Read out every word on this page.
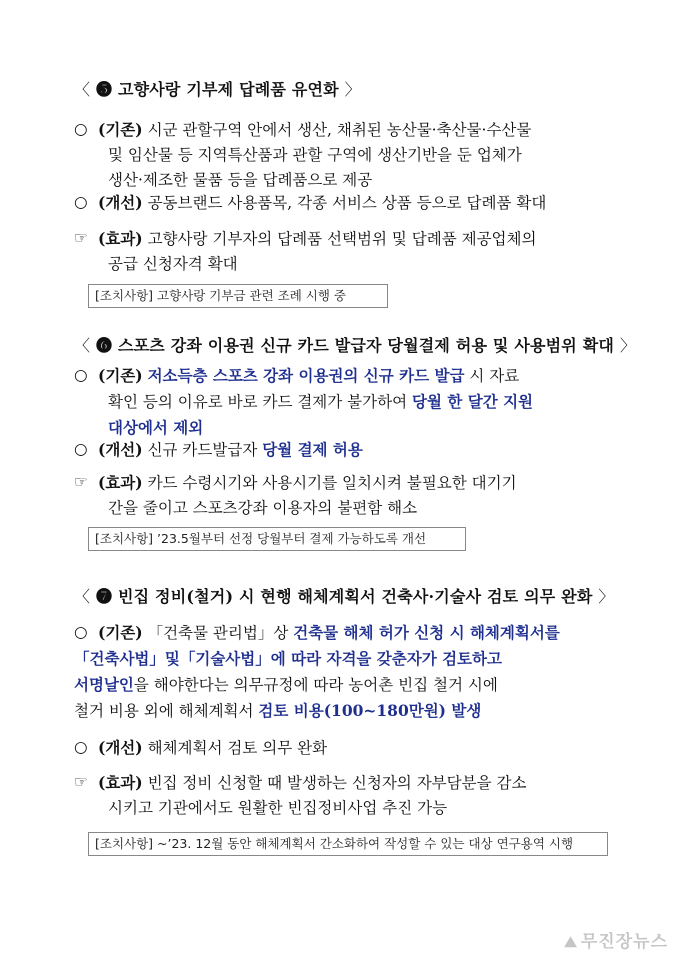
〈 ❺ 고향사랑 기부제 답례품 유연화 〉
○ (기존) 시군 관할구역 안에서 생산, 채취된 농산물·축산물·수산물
및 임산물 등 지역특산품과 관할 구역에 생산기반을 둔 업체가
생산·제조한 물품 등을 답례품으로 제공
○ (개선) 공동브랜드 사용품목, 각종 서비스 상품 등으로 답례품 확대
☞ (효과) 고향사랑 기부자의 답례품 선택범위 및 답례품 제공업체의
공급 신청자격 확대
[조치사항] 고향사랑 기부금 관련 조례 시행 중
〈 ❻ 스포츠 강좌 이용권 신규 카드 발급자 당월결제 허용 및 사용범위 확대 〉
○ (기존) 저소득층 스포츠 강좌 이용권의 신규 카드 발급 시 자료
확인 등의 이유로 바로 카드 결제가 불가하여 당월 한 달간 지원
대상에서 제외
○ (개선) 신규 카드발급자 당월 결제 허용
☞ (효과) 카드 수령시기와 사용시기를 일치시켜 불필요한 대기기
간을 줄이고 스포츠강좌 이용자의 불편함 해소
[조치사항] ’23.5월부터 선정 당월부터 결제 가능하도록 개선
〈 ❼ 빈집 정비(철거) 시 현행 해체계획서 건축사·기술사 검토 의무 완화 〉
○ (기존) 「건축물 관리법」상 건축물 해체 허가 신청 시 해체계획서를
「건축사법」및「기술사법」에 따라 자격을 갖춘자가 검토하고
서명날인을 해야한다는 의무규정에 따라 농어촌 빈집 철거 시에
철거 비용 외에 해체계획서 검토 비용(100~180만원) 발생
○ (개선) 해체계획서 검토 의무 완화
☞ (효과) 빈집 정비 신청할 때 발생하는 신청자의 자부담분을 감소
시키고 기관에서도 원활한 빈집정비사업 추진 가능
[조치사항] ~’23. 12월 동안 해체계획서 간소화하여 작성할 수 있는 대상 연구용역 시행
⛰ 무진장뉴스
